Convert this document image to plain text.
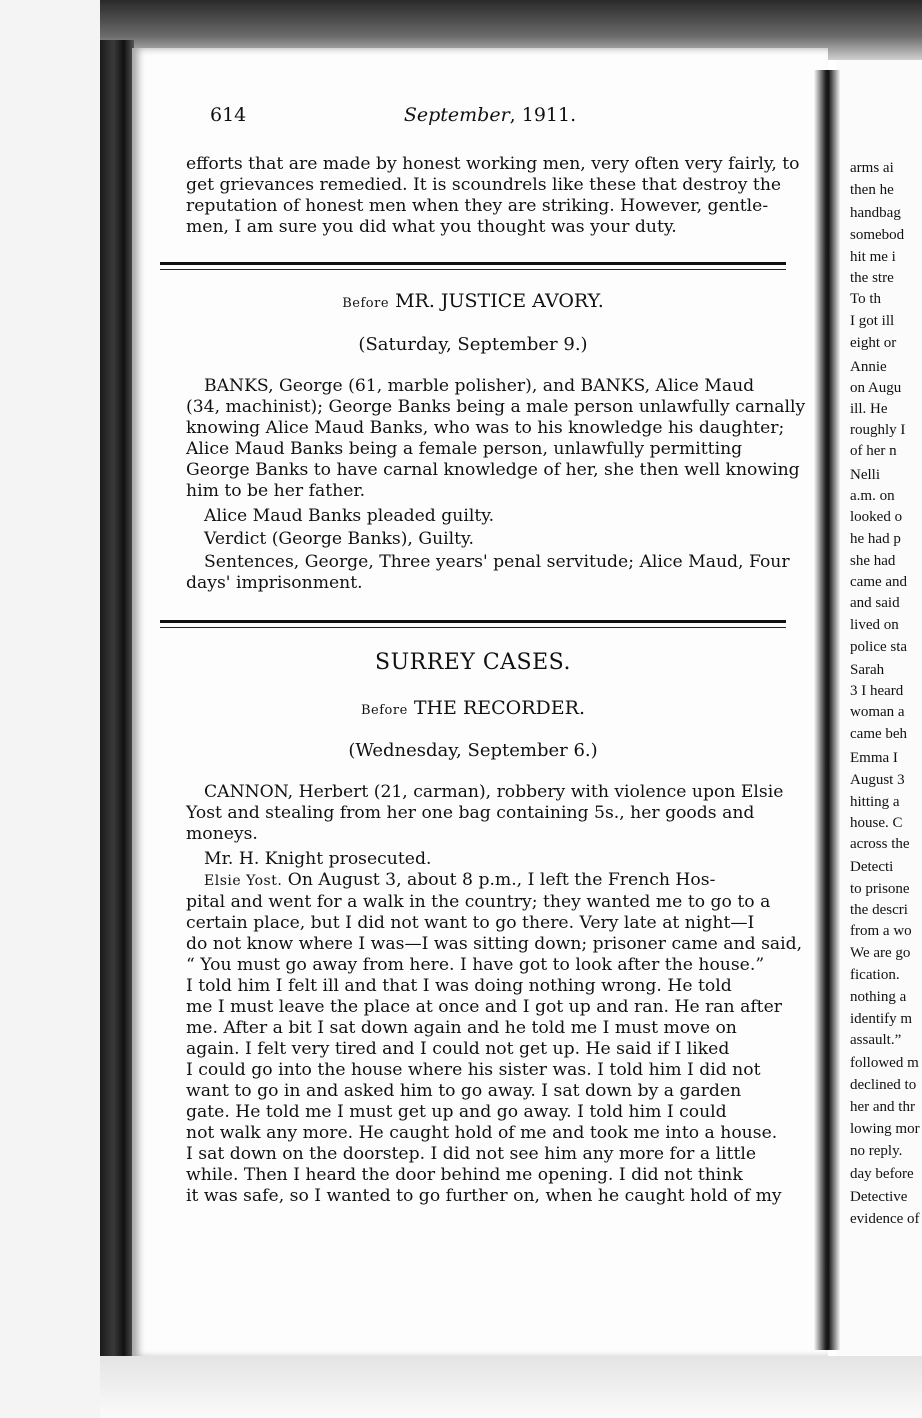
614	September, 1911.
efforts that are made by honest working men, very often very fairly, to
get grievances remedied. It is scoundrels like these that destroy the
reputation of honest men when they are striking. However, gentle-
men, I am sure you did what you thought was your duty.
Before MR. JUSTICE AVORY.
(Saturday, September 9.)
BANKS, George (61, marble polisher), and BANKS, Alice Maud
(34, machinist); George Banks being a male person unlawfully carnally
knowing Alice Maud Banks, who was to his knowledge his daughter;
Alice Maud Banks being a female person, unlawfully permitting
George Banks to have carnal knowledge of her, she then well knowing
him to be her father.
Alice Maud Banks pleaded guilty.
Verdict (George Banks), Guilty.
Sentences, George, Three years' penal servitude; Alice Maud, Four
days' imprisonment.
SURREY CASES.
Before THE RECORDER.
(Wednesday, September 6.)
CANNON, Herbert (21, carman), robbery with violence upon Elsie
Yost and stealing from her one bag containing 5s., her goods and
moneys.
Mr. H. Knight prosecuted.
Elsie Yost. On August 3, about 8 p.m., I left the French Hos-
pital and went for a walk in the country; they wanted me to go to a
certain place, but I did not want to go there. Very late at night—I
do not know where I was—I was sitting down; prisoner came and said,
“ You must go away from here. I have got to look after the house.”
I told him I felt ill and that I was doing nothing wrong. He told
me I must leave the place at once and I got up and ran. He ran after
me. After a bit I sat down again and he told me I must move on
again. I felt very tired and I could not get up. He said if I liked
I could go into the house where his sister was. I told him I did not
want to go in and asked him to go away. I sat down by a garden
gate. He told me I must get up and go away. I told him I could
not walk any more. He caught hold of me and took me into a house.
I sat down on the doorstep. I did not see him any more for a little
while. Then I heard the door behind me opening. I did not think
it was safe, so I wanted to go further on, when he caught hold of my
arms ai
then he
handbag
somebod
hit me i
the stre
To th
I got ill
eight or
Annie
on Augu
ill. He
roughly I
of her n
Nelli
a.m. on
looked o
he had p
she had
came and
and said
lived on
police sta
Sarah
3 I heard
woman a
came beh
Emma I
August 3
hitting a
house. C
across the
Detecti
to prisone
the descri
from a wo
We are go
fication.
nothing a
identify m
assault.”
followed m
declined to
her and thr
lowing mor
no reply.
day before
Detective
evidence of
